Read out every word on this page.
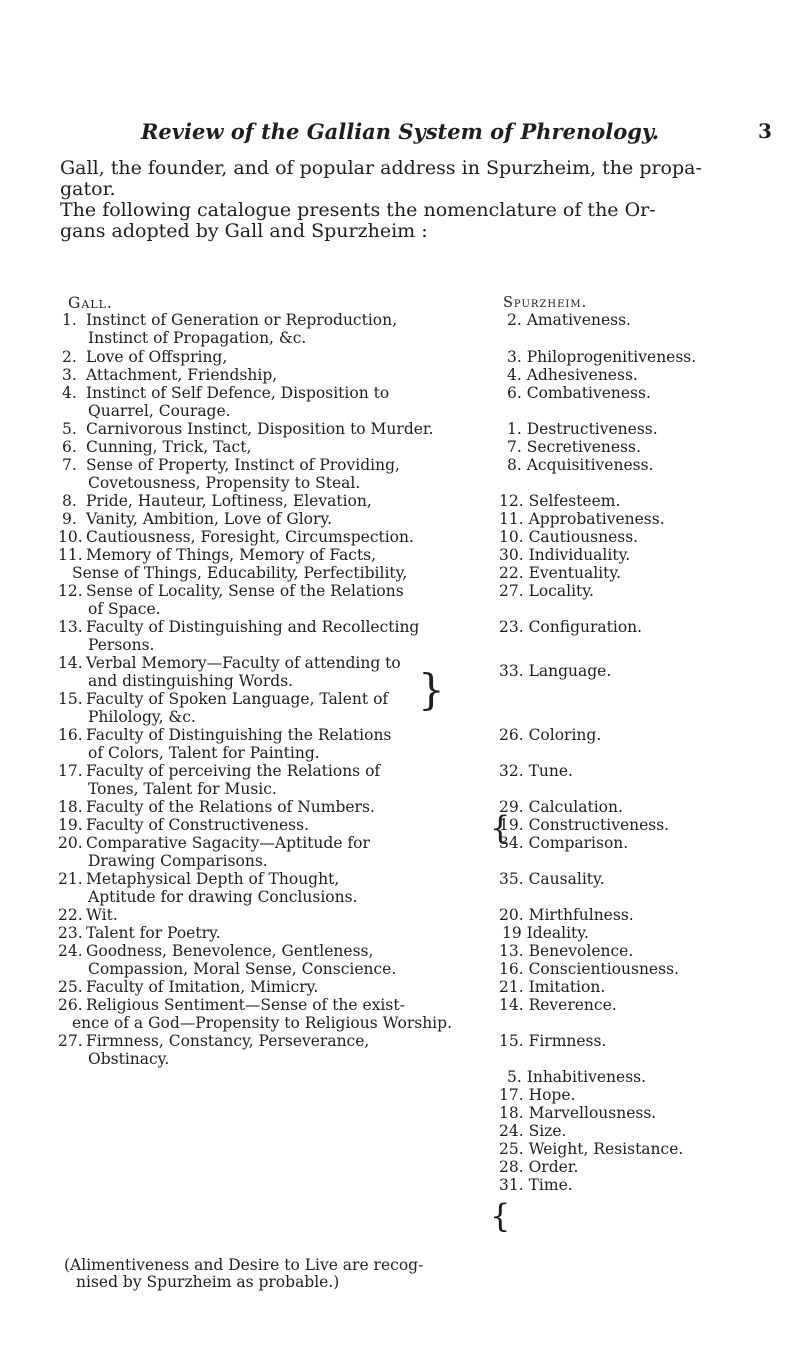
Review of the Gallian System of Phrenology.	3

Gall, the founder, and of popular address in Spurzheim, the propa-

gator.

The following catalogue presents the nomenclature of the Or-

gans adopted by Gall and Spurzheim :

Gall.	Spurzheim.
1. Instinct of Generation or Reproduction,
Instinct of Propagation, &c.
2. Love of Offspring,
3. Attachment, Friendship,
4. Instinct of Self Defence, Disposition to
Quarrel, Courage.
5. Carnivorous Instinct, Disposition to Murder.
6. Cunning, Trick, Tact,
7. Sense of Property, Instinct of Providing,
Covetousness, Propensity to Steal.
8. Pride, Hauteur, Loftiness, Elevation,
9. Vanity, Ambition, Love of Glory.
10. Cautiousness, Foresight, Circumspection.
11. Memory of Things, Memory of Facts,
Sense of Things, Educability, Perfectibility,
12. Sense of Locality, Sense of the Relations
of Space.
13. Faculty of Distinguishing and Recollecting
Persons.
14. Verbal Memory—Faculty of attending to
and distinguishing Words.
15. Faculty of Spoken Language, Talent of
Philology, &c.
16. Faculty of Distinguishing the Relations
of Colors, Talent for Painting.
17. Faculty of perceiving the Relations of
Tones, Talent for Music.
18. Faculty of the Relations of Numbers.
19. Faculty of Constructiveness.
20. Comparative Sagacity—Aptitude for
Drawing Comparisons.
21. Metaphysical Depth of Thought,
Aptitude for drawing Conclusions.
22. Wit.
23. Talent for Poetry.
24. Goodness, Benevolence, Gentleness,
Compassion, Moral Sense, Conscience.
25. Faculty of Imitation, Mimicry.
26. Religious Sentiment—Sense of the exist-
ence of a God—Propensity to Religious Worship.
27. Firmness, Constancy, Perseverance,
Obstinacy.
2. Amativeness.
3. Philoprogenitiveness.
4. Adhesiveness.
6. Combativeness.
1. Destructiveness.
7. Secretiveness.
8. Acquisitiveness.
12. Selfesteem.
11. Approbativeness.
10. Cautiousness.
30. Individuality.
22. Eventuality.
27. Locality.
23. Configuration.
33. Language.
26. Coloring.
32. Tune.
29. Calculation.
19. Constructiveness.
34. Comparison.
35. Causality.
20. Mirthfulness.
19 Ideality.
13. Benevolence.
16. Conscientiousness.
21. Imitation.
14. Reverence.
15. Firmness.
5. Inhabitiveness.
17. Hope.
18. Marvellousness.
24. Size.
25. Weight, Resistance.
28. Order.
31. Time.
}
{
{
(Alimentiveness and Desire to Live are recog-
nised by Spurzheim as probable.)
